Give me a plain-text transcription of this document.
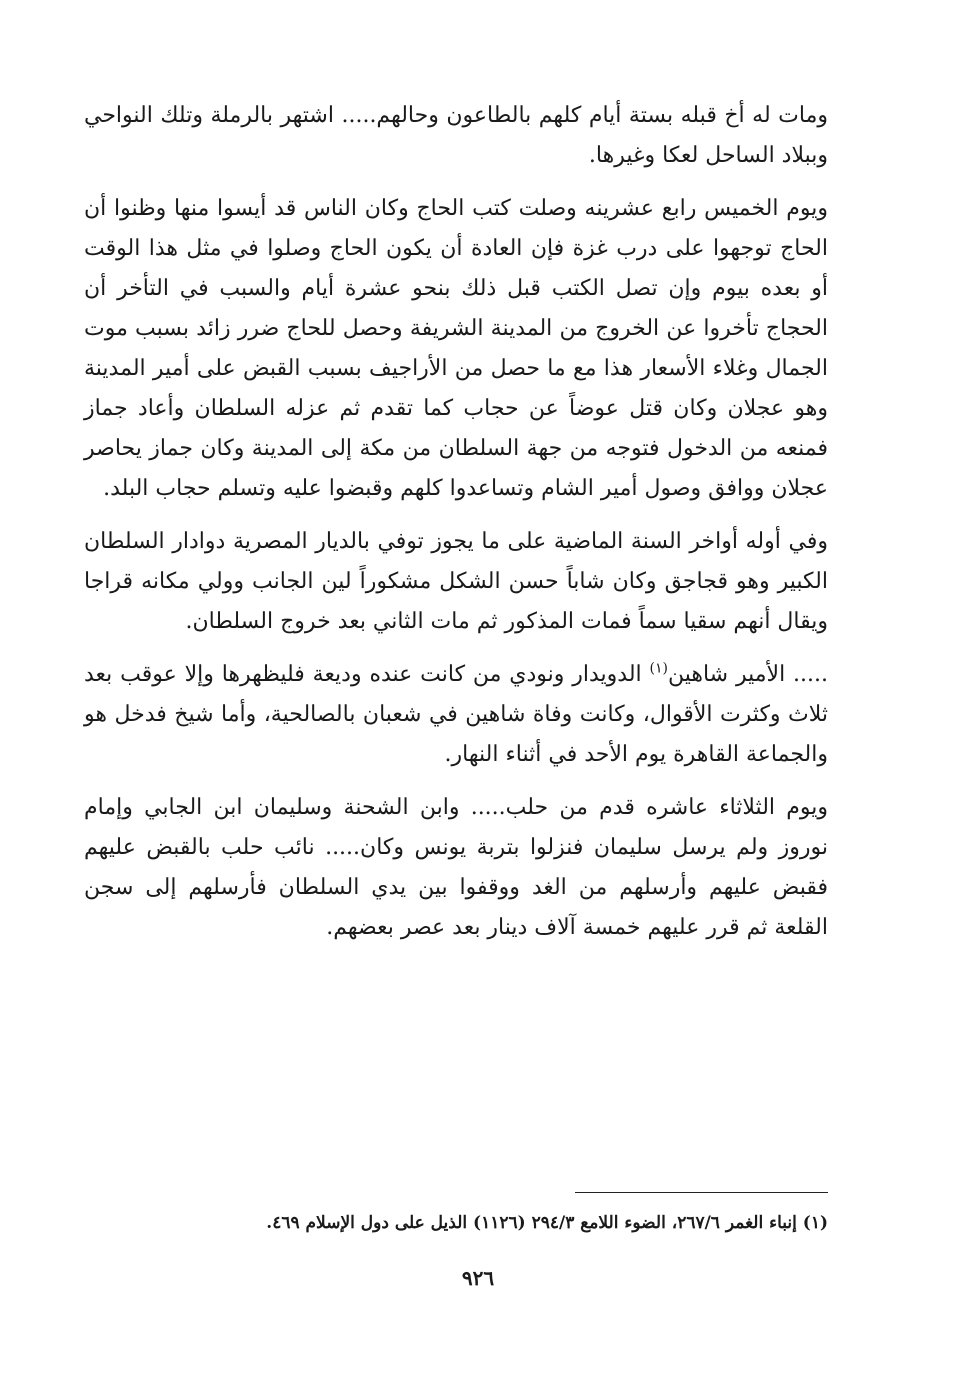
ومات له أخ قبله بستة أيام كلهم بالطاعون وحالهم..... اشتهر بالرملة وتلك النواحي وببلاد الساحل لعكا وغيرها.

ويوم الخميس رابع عشرينه وصلت كتب الحاج وكان الناس قد أيسوا منها وظنوا أن الحاج توجهوا على درب غزة فإن العادة أن يكون الحاج وصلوا في مثل هذا الوقت أو بعده بيوم وإن تصل الكتب قبل ذلك بنحو عشرة أيام والسبب في التأخر أن الحجاج تأخروا عن الخروج من المدينة الشريفة وحصل للحاج ضرر زائد بسبب موت الجمال وغلاء الأسعار هذا مع ما حصل من الأراجيف بسبب القبض على أمير المدينة وهو عجلان وكان قتل عوضاً عن حجاب كما تقدم ثم عزله السلطان وأعاد جماز فمنعه من الدخول فتوجه من جهة السلطان من مكة إلى المدينة وكان جماز يحاصر عجلان ووافق وصول أمير الشام وتساعدوا كلهم وقبضوا عليه وتسلم حجاب البلد.

وفي أوله أواخر السنة الماضية على ما يجوز توفي بالديار المصرية دوادار السلطان الكبير وهو قجاجق وكان شاباً حسن الشكل مشكوراً لين الجانب وولي مكانه قراجا ويقال أنهم سقيا سماً فمات المذكور ثم مات الثاني بعد خروج السلطان.

..... الأمير شاهين$^{(١)}$ الدويدار ونودي من كانت عنده وديعة فليظهرها وإلا عوقب بعد ثلاث وكثرت الأقوال، وكانت وفاة شاهين في شعبان بالصالحية، وأما شيخ فدخل هو والجماعة القاهرة يوم الأحد في أثناء النهار.

ويوم الثلاثاء عاشره قدم من حلب..... وابن الشحنة وسليمان ابن الجابي وإمام نوروز ولم يرسل سليمان فنزلوا بتربة يونس وكان..... نائب حلب بالقبض عليهم فقبض عليهم وأرسلهم من الغد ووقفوا بين يدي السلطان فأرسلهم إلى سجن القلعة ثم قرر عليهم خمسة آلاف دينار بعد عصر بعضهم.

(١) إنباء الغمر ٢٦٧/٦، الضوء اللامع ٢٩٤/٣ (١١٢٦) الذيل على دول الإسلام ٤٦٩.

٩٢٦
